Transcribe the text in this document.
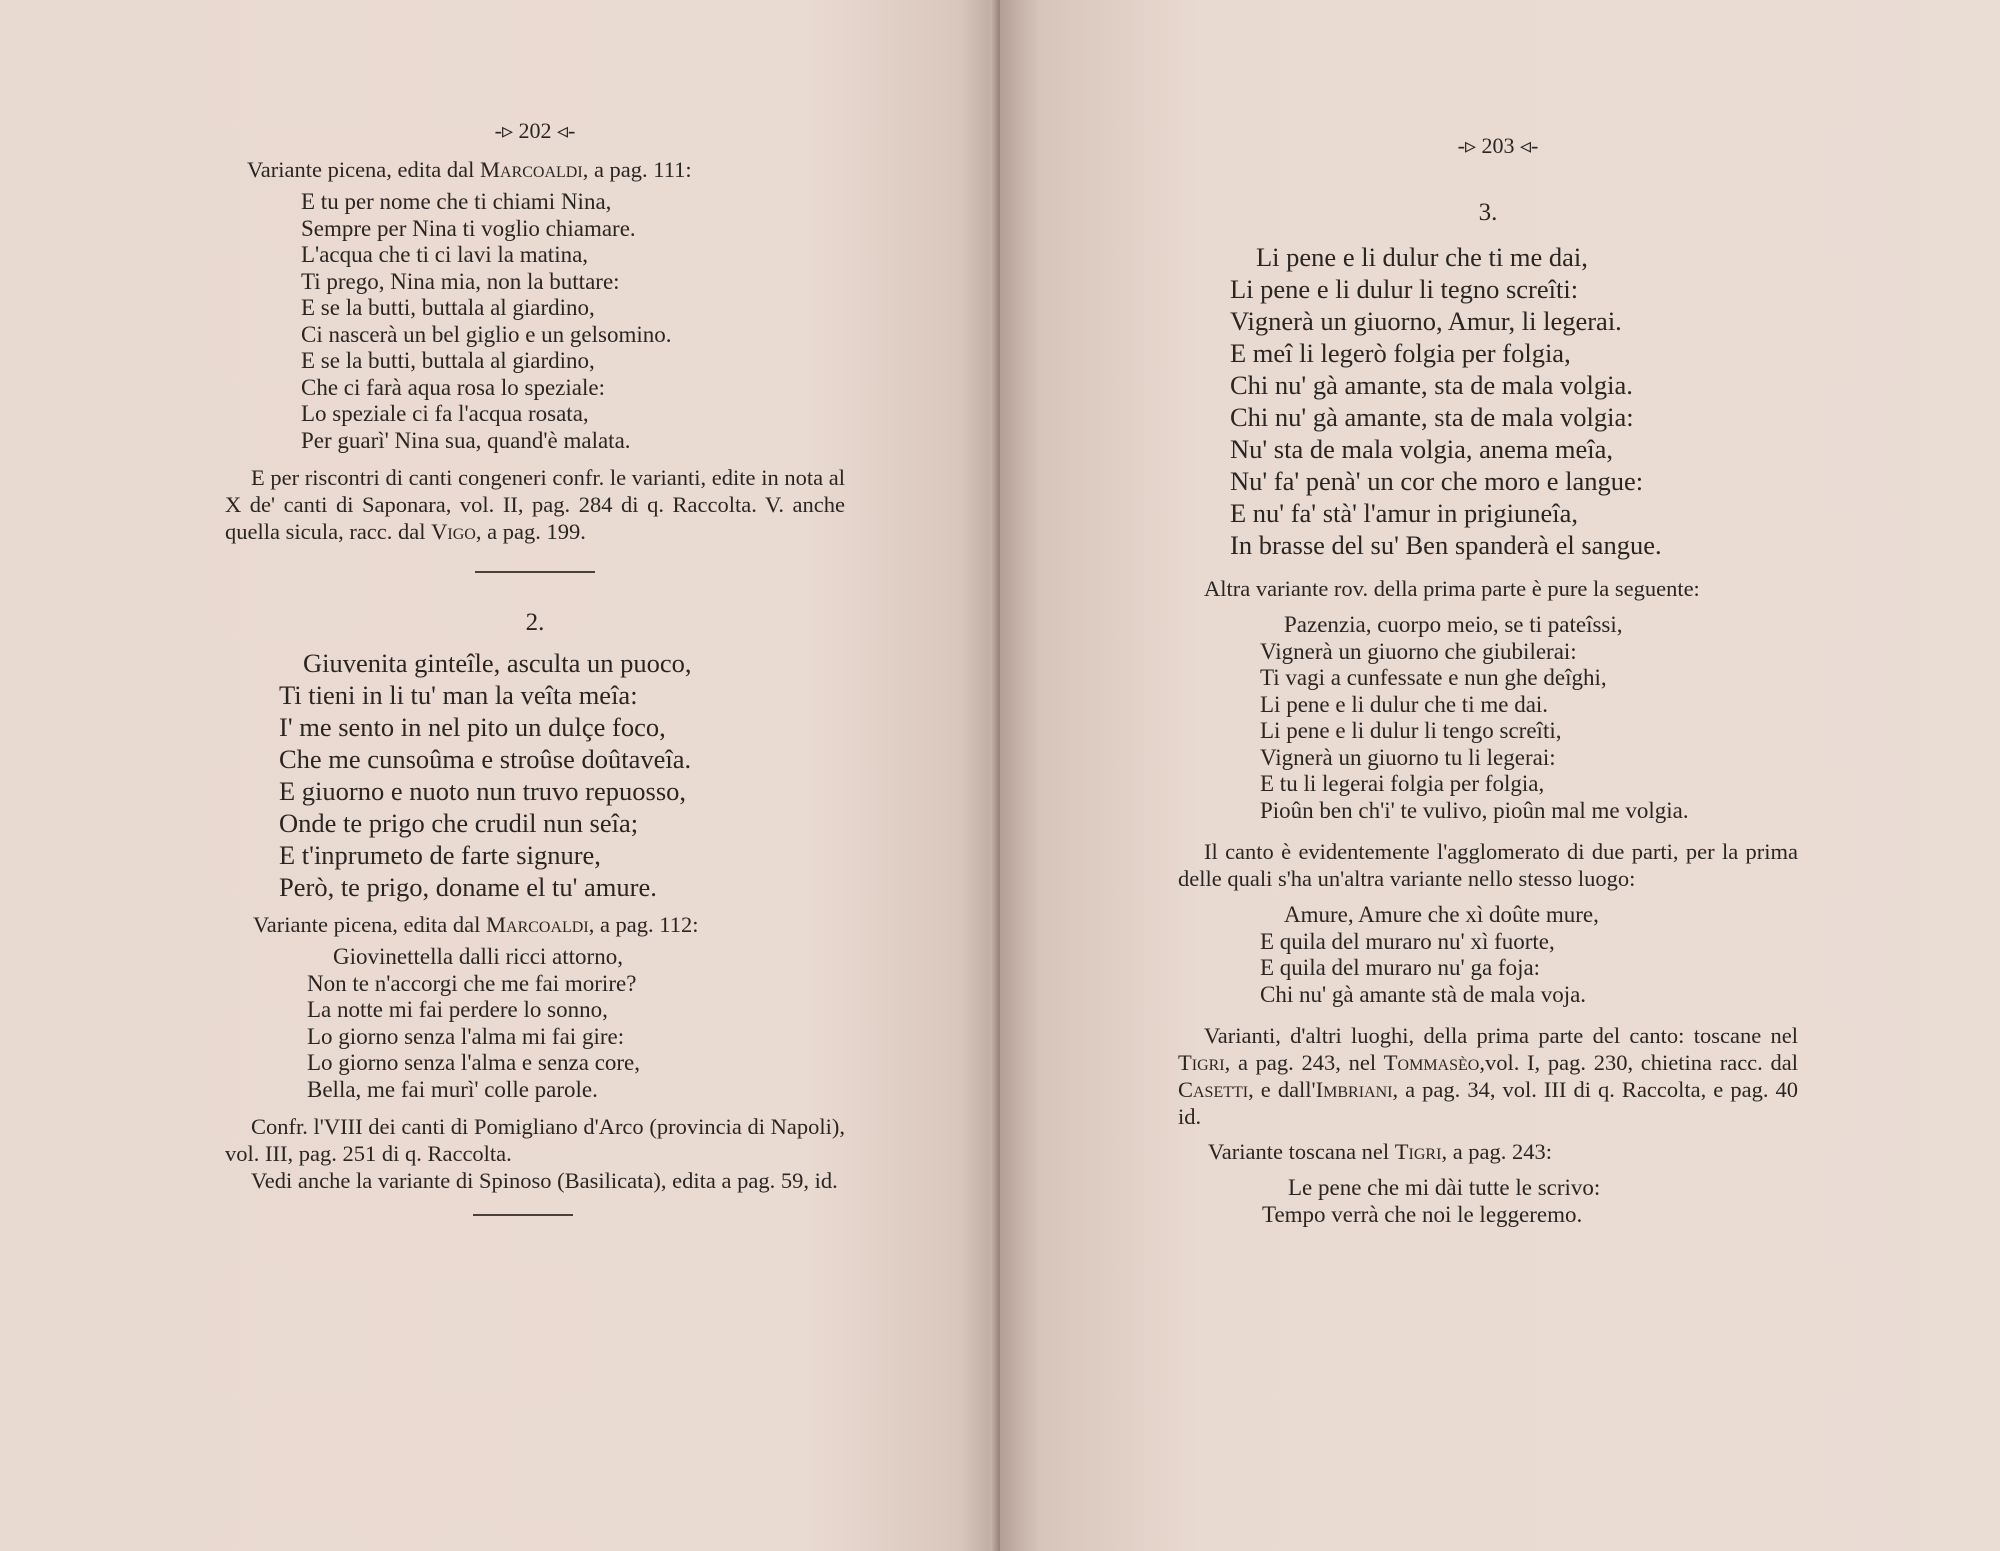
-▹ 202 ◃-

Variante picena, edita dal Marcoaldi, a pag. 111:

E tu per nome che ti chiami Nina,
Sempre per Nina ti voglio chiamare.
L'acqua che ti ci lavi la matina,
Ti prego, Nina mia, non la buttare:
E se la butti, buttala al giardino,
Ci nascerà un bel giglio e un gelsomino.
E se la butti, buttala al giardino,
Che ci farà aqua rosa lo speziale:
Lo speziale ci fa l'acqua rosata,
Per guarì' Nina sua, quand'è malata.

E per riscontri di canti congeneri confr. le varianti, edite in nota al X de' canti di Saponara, vol. II, pag. 284 di q. Raccolta. V. anche quella sicula, racc. dal Vigo, a pag. 199.

2.

Giuvenita ginteîle, asculta un puoco,
Ti tieni in li tu' man la veîta meîa:
I' me sento in nel pito un dulçe foco,
Che me cunsoûma e stroûse doûtaveîa.
E giuorno e nuoto nun truvo repuosso,
Onde te prigo che crudil nun seîa;
E t'inprumeto de farte signure,
Però, te prigo, doname el tu' amure.

Variante picena, edita dal Marcoaldi, a pag. 112:

Giovinettella dalli ricci attorno,
Non te n'accorgi che me fai morire?
La notte mi fai perdere lo sonno,
Lo giorno senza l'alma mi fai gire:
Lo giorno senza l'alma e senza core,
Bella, me fai murì' colle parole.

Confr. l'VIII dei canti di Pomigliano d'Arco (provincia di Napoli), vol. III, pag. 251 di q. Raccolta.

Vedi anche la variante di Spinoso (Basilicata), edita a pag. 59, id.

-▹ 203 ◃-

3.

Li pene e li dulur che ti me dai,
Li pene e li dulur li tegno screîti:
Vignerà un giuorno, Amur, li legerai.
E meî li legerò folgia per folgia,
Chi nu' gà amante, sta de mala volgia.
Chi nu' gà amante, sta de mala volgia:
Nu' sta de mala volgia, anema meîa,
Nu' fa' penà' un cor che moro e langue:
E nu' fa' stà' l'amur in prigiuneîa,
In brasse del su' Ben spanderà el sangue.

Altra variante rov. della prima parte è pure la seguente:

Pazenzia, cuorpo meio, se ti pateîssi,
Vignerà un giuorno che giubilerai:
Ti vagi a cunfessate e nun ghe deîghi,
Li pene e li dulur che ti me dai.
Li pene e li dulur li tengo screîti,
Vignerà un giuorno tu li legerai:
E tu li legerai folgia per folgia,
Pioûn ben ch'i' te vulivo, pioûn mal me volgia.

Il canto è evidentemente l'agglomerato di due parti, per la prima delle quali s'ha un'altra variante nello stesso luogo:

Amure, Amure che xì doûte mure,
E quila del muraro nu' xì fuorte,
E quila del muraro nu' ga foja:
Chi nu' gà amante stà de mala voja.

Varianti, d'altri luoghi, della prima parte del canto: toscane nel Tigri, a pag. 243, nel Tommasèo,vol. I, pag. 230, chietina racc. dal Casetti, e dall'Imbriani, a pag. 34, vol. III di q. Raccolta, e pag. 40 id.

Variante toscana nel Tigri, a pag. 243:

Le pene che mi dài tutte le scrivo:
Tempo verrà che noi le leggeremo.
